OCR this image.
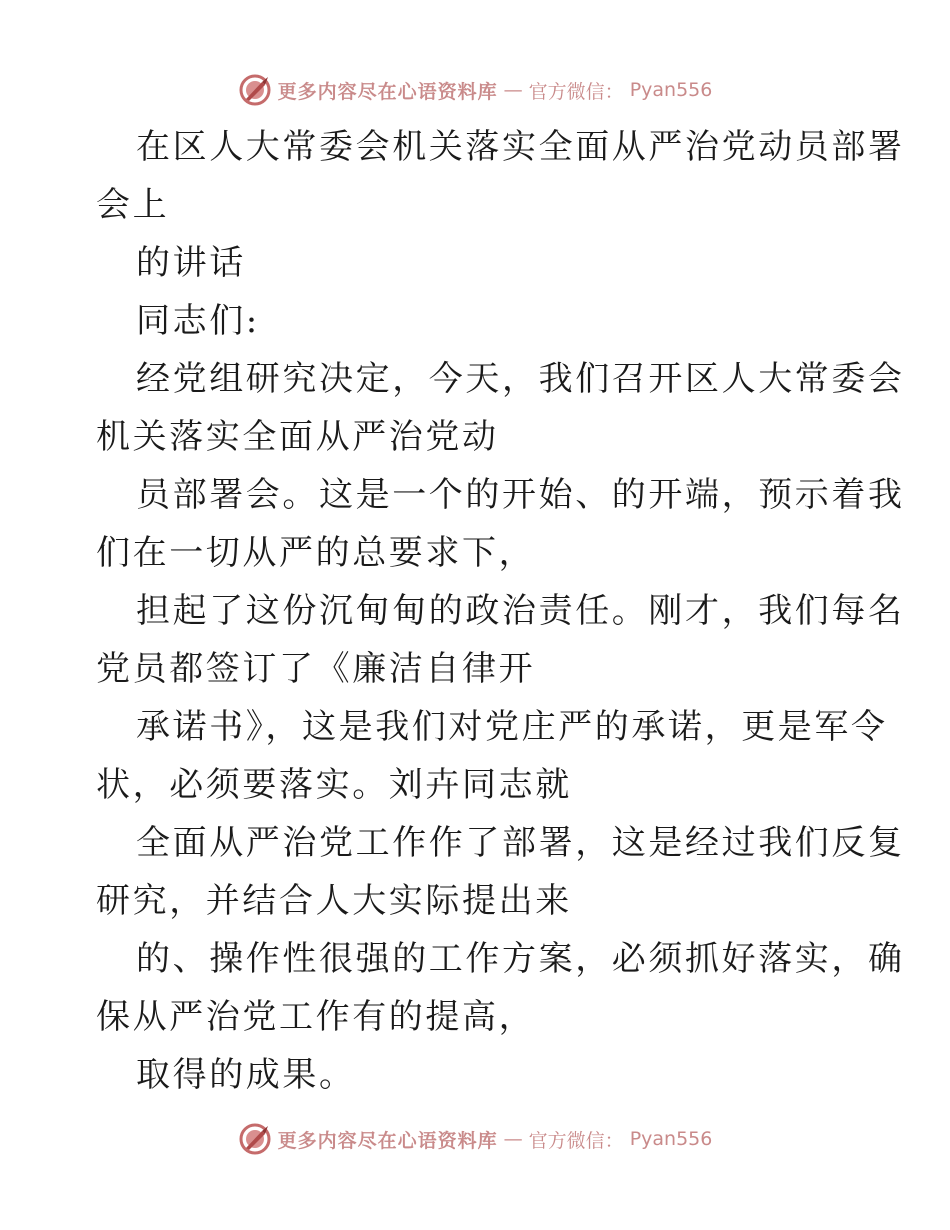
更多内容尽在心语资料库 — 官方微信： Pyan556
在区人大常委会机关落实全面从严治党动员部署
会上
的讲话
同志们:
经党组研究决定，今天，我们召开区人大常委会
机关落实全面从严治党动
员部署会。这是一个的开始、的开端，预示着我
们在一切从严的总要求下，
担起了这份沉甸甸的政治责任。刚才，我们每名
党员都签订了《廉洁自律开
承诺书》，这是我们对党庄严的承诺，更是军令
状，必须要落实。刘卉同志就
全面从严治党工作作了部署，这是经过我们反复
研究，并结合人大实际提出来
的、操作性很强的工作方案，必须抓好落实，确
保从严治党工作有的提高，
取得的成果。
更多内容尽在心语资料库 — 官方微信： Pyan556
